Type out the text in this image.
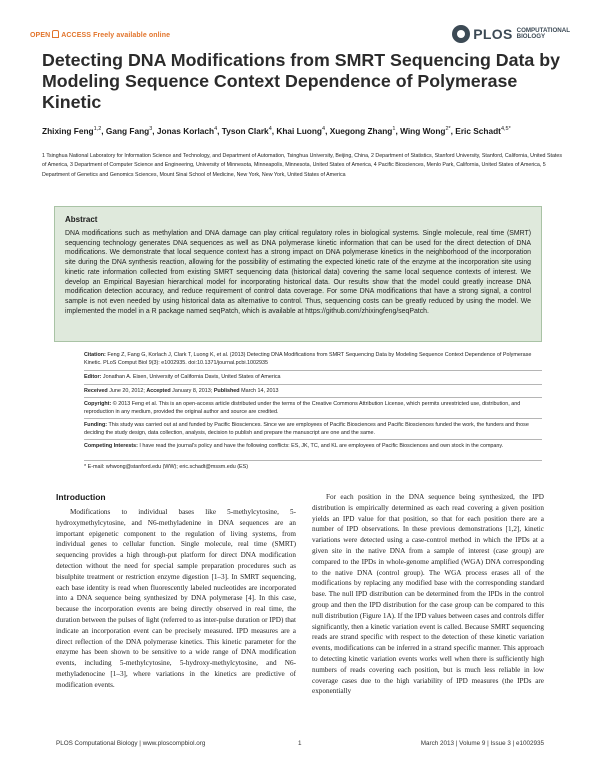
OPEN ACCESS Freely available online	PLOS COMPUTATIONAL
BIOLOGY
Detecting DNA Modifications from SMRT Sequencing Data by Modeling Sequence Context Dependence of Polymerase Kinetic
Zhixing Feng$^{1,2}$, Gang Fang$^3$, Jonas Korlach$^4$, Tyson Clark$^4$, Khai Luong$^4$, Xuegong Zhang$^1$, Wing Wong$^{2*}$, Eric Schadt$^{4,5*}$
1 Tsinghua National Laboratory for Information Science and Technology, and Department of Automation, Tsinghua University, Beijing, China, 2 Department of Statistics, Stanford University, Stanford, California, United States of America, 3 Department of Computer Science and Engineering, University of Minnesota, Minneapolis, Minnesota, United States of America, 4 Pacific Biosciences, Menlo Park, California, United States of America, 5 Department of Genetics and Genomics Sciences, Mount Sinai School of Medicine, New York, New York, United States of America
Abstract

DNA modifications such as methylation and DNA damage can play critical regulatory roles in biological systems. Single molecule, real time (SMRT) sequencing technology generates DNA sequences as well as DNA polymerase kinetic information that can be used for the direct detection of DNA modifications. We demonstrate that local sequence context has a strong impact on DNA polymerase kinetics in the neighborhood of the incorporation site during the DNA synthesis reaction, allowing for the possibility of estimating the expected kinetic rate of the enzyme at the incorporation site using kinetic rate information collected from existing SMRT sequencing data (historical data) covering the same local sequence contexts of interest. We develop an Empirical Bayesian hierarchical model for incorporating historical data. Our results show that the model could greatly increase DNA modification detection accuracy, and reduce requirement of control data coverage. For some DNA modifications that have a strong signal, a control sample is not even needed by using historical data as alternative to control. Thus, sequencing costs can be greatly reduced by using the model. We implemented the model in a R package named seqPatch, which is available at https://github.com/zhixingfeng/seqPatch.

Citation: Feng Z, Fang G, Korlach J, Clark T, Luong K, et al. (2013) Detecting DNA Modifications from SMRT Sequencing Data by Modeling Sequence Context Dependence of Polymerase Kinetic. PLoS Comput Biol 9(3): e1002935. doi:10.1371/journal.pcbi.1002935
Editor: Jonathan A. Eisen, University of California Davis, United States of America
Received June 20, 2012; Accepted January 8, 2013; Published March 14, 2013
Copyright: © 2013 Feng et al. This is an open-access article distributed under the terms of the Creative Commons Attribution License, which permits unrestricted use, distribution, and reproduction in any medium, provided the original author and source are credited.
Funding: This study was carried out at and funded by Pacific Biosciences. Since we are employees of Pacific Biosciences and Pacific Biosciences funded the work, the funders and those deciding the study design, data collection, analysis, decision to publish and prepare the manuscript are one and the same.
Competing Interests: I have read the journal's policy and have the following conflicts: ES, JK, TC, and KL are employees of Pacific Biosciences and own stock in the company.
* E-mail: whwong@stanford.edu (WW); eric.schadt@mssm.edu (ES)
Introduction

Modifications to individual bases like 5-methylcytosine, 5-hydroxymethylcytosine, and N6-methyladenine in DNA sequences are an important epigenetic component to the regulation of living systems, from individual genes to cellular function. Single molecule, real time (SMRT) sequencing provides a high through-put platform for direct DNA modification detection without the need for special sample preparation procedures such as bisulphite treatment or restriction enzyme digestion [1–3]. In SMRT sequencing, each base identity is read when fluorescently labeled nucleotides are incorporated into a DNA sequence being synthesized by DNA polymerase [4]. In this case, because the incorporation events are being directly observed in real time, the duration between the pulses of light (referred to as inter-pulse duration or IPD) that indicate an incorporation event can be precisely measured. IPD measures are a direct reflection of the DNA polymerase kinetics. This kinetic parameter for the enzyme has been shown to be sensitive to a wide range of DNA modification events, including 5-methylcytosine, 5-hydroxy-methylcytosine, and N6-methyladenocine [1–3], where variations in the kinetics are predictive of modification events.

For each position in the DNA sequence being synthesized, the IPD distribution is empirically determined as each read covering a given position yields an IPD value for that position, so that for each position there are a number of IPD observations. In these previous demonstrations [1,2], kinetic variations were detected using a case-control method in which the IPDs at a given site in the native DNA from a sample of interest (case group) are compared to the IPDs in whole-genome amplified (WGA) DNA corresponding to the native DNA (control group). The WGA process erases all of the modifications by replacing any modified base with the corresponding standard base. The null IPD distribution can be determined from the IPDs in the control group and then the IPD distribution for the case group can be compared to this null distribution (Figure 1A). If the IPD values between cases and controls differ significantly, then a kinetic variation event is called. Because SMRT sequencing reads are strand specific with respect to the detection of these kinetic variation events, modifications can be inferred in a strand specific manner. This approach to detecting kinetic variation events works well when there is sufficiently high numbers of reads covering each position, but is much less reliable in low coverage cases due to the high variability of IPD measures (the IPDs are exponentially

PLOS Computational Biology | www.ploscompbiol.org	1	March 2013 | Volume 9 | Issue 3 | e1002935
